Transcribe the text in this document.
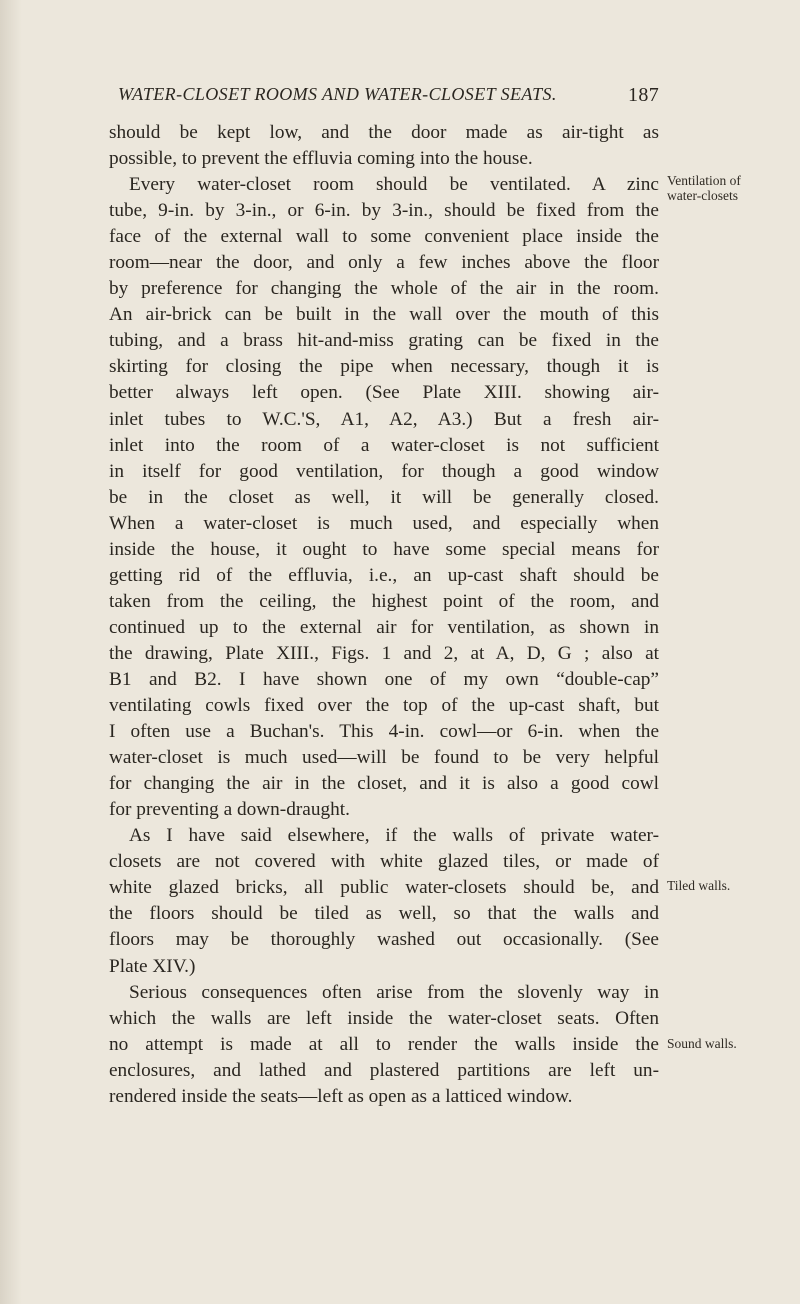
WATER-CLOSET ROOMS AND WATER-CLOSET SEATS.	187
should be kept low, and the door made as air-tight as
possible, to prevent the effluvia coming into the house.
Every water-closet room should be ventilated. A zinc
tube, 9-in. by 3-in., or 6-in. by 3-in., should be fixed from the
face of the external wall to some convenient place inside the
room—near the door, and only a few inches above the floor
by preference for changing the whole of the air in the room.
An air-brick can be built in the wall over the mouth of this
tubing, and a brass hit-and-miss grating can be fixed in the
skirting for closing the pipe when necessary, though it is
better always left open. (See Plate XIII. showing air-
inlet tubes to W.C.'S, A1, A2, A3.) But a fresh air-
inlet into the room of a water-closet is not sufficient
in itself for good ventilation, for though a good window
be in the closet as well, it will be generally closed.
When a water-closet is much used, and especially when
inside the house, it ought to have some special means for
getting rid of the effluvia, i.e., an up-cast shaft should be
taken from the ceiling, the highest point of the room, and
continued up to the external air for ventilation, as shown in
the drawing, Plate XIII., Figs. 1 and 2, at A, D, G ; also at
B1 and B2. I have shown one of my own “double-cap”
ventilating cowls fixed over the top of the up-cast shaft, but
I often use a Buchan's. This 4-in. cowl—or 6-in. when the
water-closet is much used—will be found to be very helpful
for changing the air in the closet, and it is also a good cowl
for preventing a down-draught.
As I have said elsewhere, if the walls of private water-
closets are not covered with white glazed tiles, or made of
white glazed bricks, all public water-closets should be, and
the floors should be tiled as well, so that the walls and
floors may be thoroughly washed out occasionally. (See
Plate XIV.)
Serious consequences often arise from the slovenly way in
which the walls are left inside the water-closet seats. Often
no attempt is made at all to render the walls inside the
enclosures, and lathed and plastered partitions are left un-
rendered inside the seats—left as open as a latticed window.
Ventilation of
water-closets
Tiled walls.
Sound walls.
